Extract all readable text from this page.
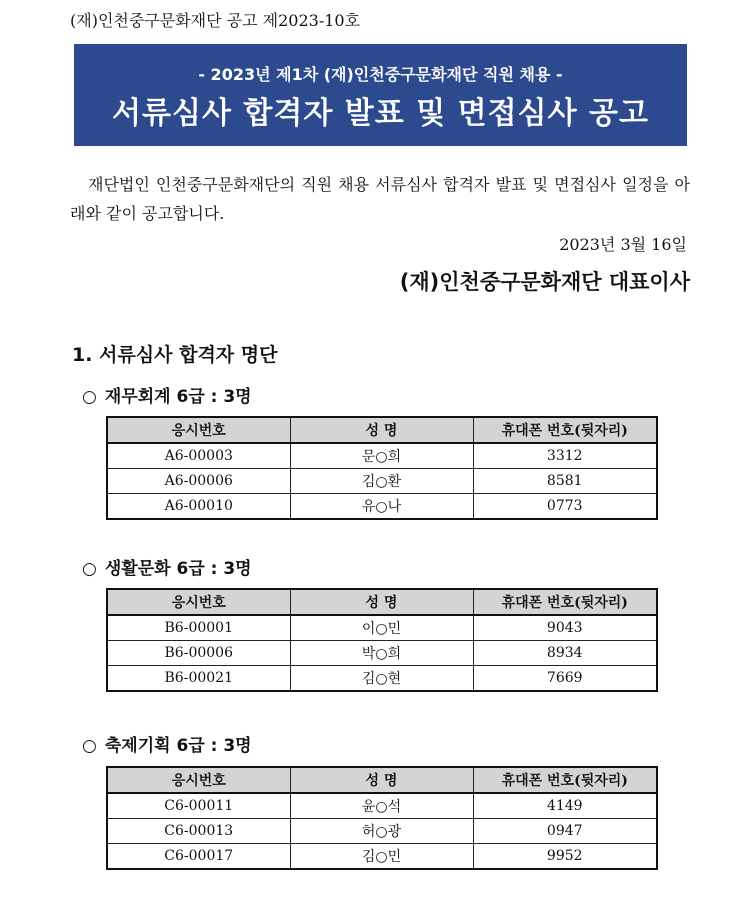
(재)인천중구문화재단 공고 제2023-10호
- 2023년 제1차 (재)인천중구문화재단 직원 채용 -
서류심사 합격자 발표 및 면접심사 공고
재단법인 인천중구문화재단의 직원 채용 서류심사 합격자 발표 및 면접심사 일정을 아래와 같이 공고합니다.
2023년 3월 16일
(재)인천중구문화재단 대표이사
1. 서류심사 합격자 명단
○ 재무회계 6급 : 3명
응시번호	성 명	휴대폰 번호(뒷자리)
A6-00003	문○희	3312
A6-00006	김○환	8581
A6-00010	유○나	0773
○ 생활문화 6급 : 3명
응시번호	성 명	휴대폰 번호(뒷자리)
B6-00001	이○민	9043
B6-00006	박○희	8934
B6-00021	김○현	7669
○ 축제기획 6급 : 3명
응시번호	성 명	휴대폰 번호(뒷자리)
C6-00011	윤○석	4149
C6-00013	허○광	0947
C6-00017	김○민	9952
